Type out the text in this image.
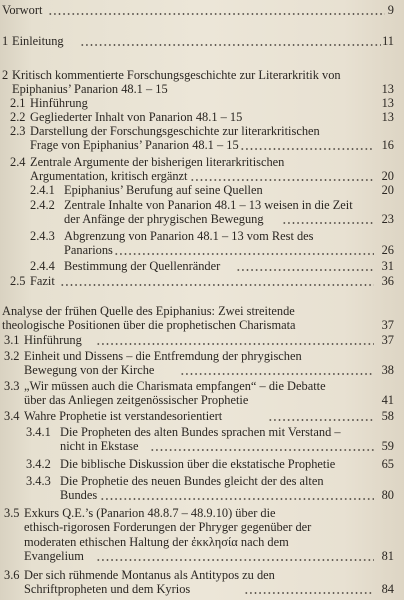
Vorwort	9
1 Einleitung	11
2 Kritisch kommentierte Forschungsgeschichte zur Literarkritik von
Epiphanius’ Panarion 48.1 – 15	13
2.1 Hinführung	13
2.2 Gegliederter Inhalt von Panarion 48.1 – 15	13
2.3 Darstellung der Forschungsgeschichte zur literarkritischen
Frage von Epiphanius’ Panarion 48.1 – 15	16
2.4 Zentrale Argumente der bisherigen literarkritischen
Argumentation, kritisch ergänzt	20
2.4.1 Epiphanius’ Berufung auf seine Quellen	20
2.4.2 Zentrale Inhalte von Panarion 48.1 – 13 weisen in die Zeit
der Anfänge der phrygischen Bewegung	23
2.4.3 Abgrenzung von Panarion 48.1 – 13 vom Rest des
Panarions	26
2.4.4 Bestimmung der Quellenränder	31
2.5 Fazit	36
Analyse der frühen Quelle des Epiphanius: Zwei streitende
theologische Positionen über die prophetischen Charismata	37
3.1 Hinführung	37
3.2 Einheit und Dissens – die Entfremdung der phrygischen
Bewegung von der Kirche	38
3.3 „Wir müssen auch die Charismata empfangen“ – die Debatte
über das Anliegen zeitgenössischer Prophetie	41
3.4 Wahre Prophetie ist verstandesorientiert	58
3.4.1 Die Propheten des alten Bundes sprachen mit Verstand –
nicht in Ekstase	59
3.4.2 Die biblische Diskussion über die ekstatische Prophetie	65
3.4.3 Die Prophetie des neuen Bundes gleicht der des alten
Bundes	80
3.5 Exkurs Q.E.’s (Panarion 48.8.7 – 48.9.10) über die
ethisch-rigorosen Forderungen der Phryger gegenüber der
moderaten ethischen Haltung der ἐκκλησία nach dem
Evangelium	81
3.6 Der sich rühmende Montanus als Antitypos zu den
Schriftpropheten und dem Kyrios	84
